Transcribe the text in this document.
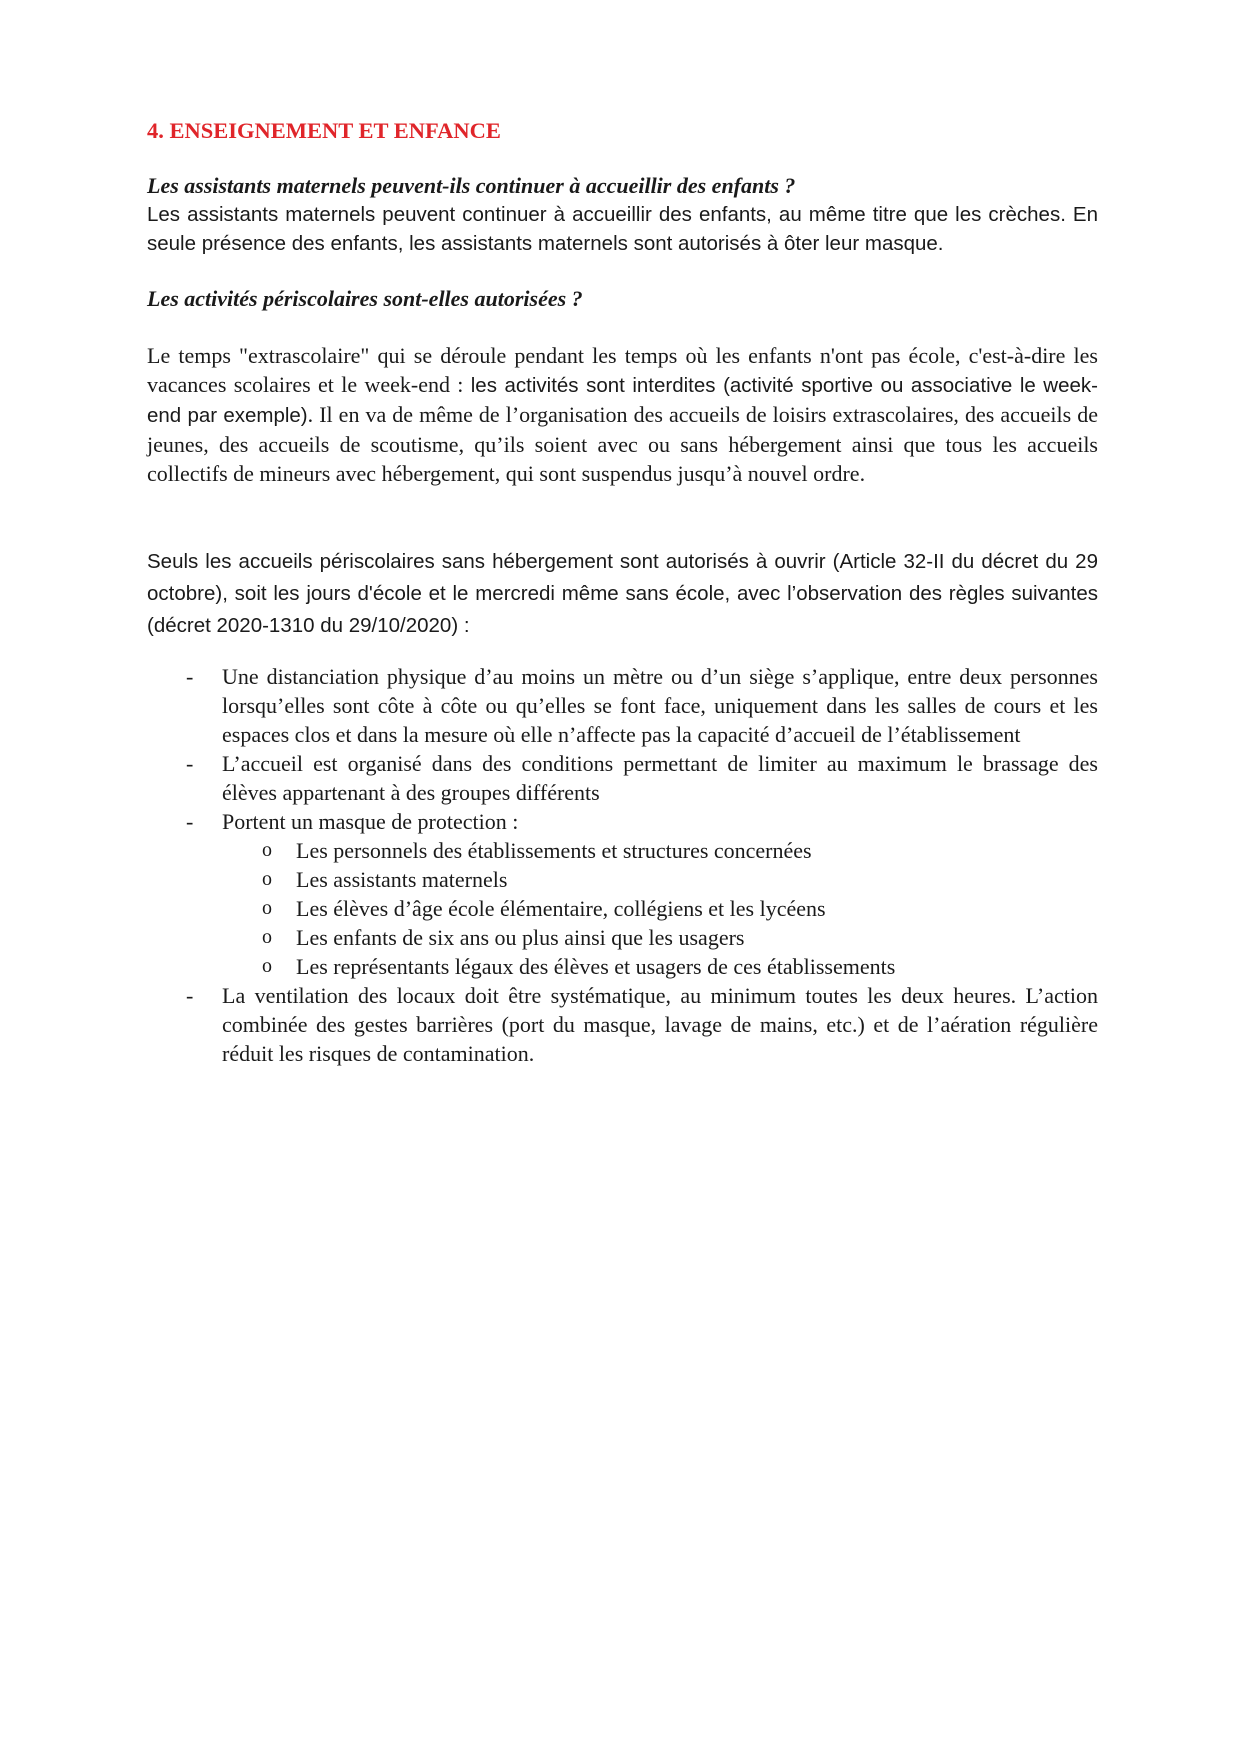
4. ENSEIGNEMENT ET ENFANCE

Les assistants maternels peuvent-ils continuer à accueillir des enfants ?

Les assistants maternels peuvent continuer à accueillir des enfants, au même titre que les crèches. En seule présence des enfants, les assistants maternels sont autorisés à ôter leur masque.

Les activités périscolaires sont-elles autorisées ?

Le temps "extrascolaire" qui se déroule pendant les temps où les enfants n'ont pas école, c'est-à-dire les vacances scolaires et le week-end : les activités sont interdites (activité sportive ou associative le week-end par exemple). Il en va de même de l’organisation des accueils de loisirs extrascolaires, des accueils de jeunes, des accueils de scoutisme, qu’ils soient avec ou sans hébergement ainsi que tous les accueils collectifs de mineurs avec hébergement, qui sont suspendus jusqu’à nouvel ordre.

Seuls les accueils périscolaires sans hébergement sont autorisés à ouvrir (Article 32-II du décret du 29 octobre), soit les jours d'école et le mercredi même sans école, avec l’observation des règles suivantes (décret 2020-1310 du 29/10/2020) :

- Une distanciation physique d’au moins un mètre ou d’un siège s’applique, entre deux personnes lorsqu’elles sont côte à côte ou qu’elles se font face, uniquement dans les salles de cours et les espaces clos et dans la mesure où elle n’affecte pas la capacité d’accueil de l’établissement
- L’accueil est organisé dans des conditions permettant de limiter au maximum le brassage des élèves appartenant à des groupes différents
- Portent un masque de protection :
o Les personnels des établissements et structures concernées
o Les assistants maternels
o Les élèves d’âge école élémentaire, collégiens et les lycéens
o Les enfants de six ans ou plus ainsi que les usagers
o Les représentants légaux des élèves et usagers de ces établissements
- La ventilation des locaux doit être systématique, au minimum toutes les deux heures. L’action combinée des gestes barrières (port du masque, lavage de mains, etc.) et de l’aération régulière réduit les risques de contamination.
